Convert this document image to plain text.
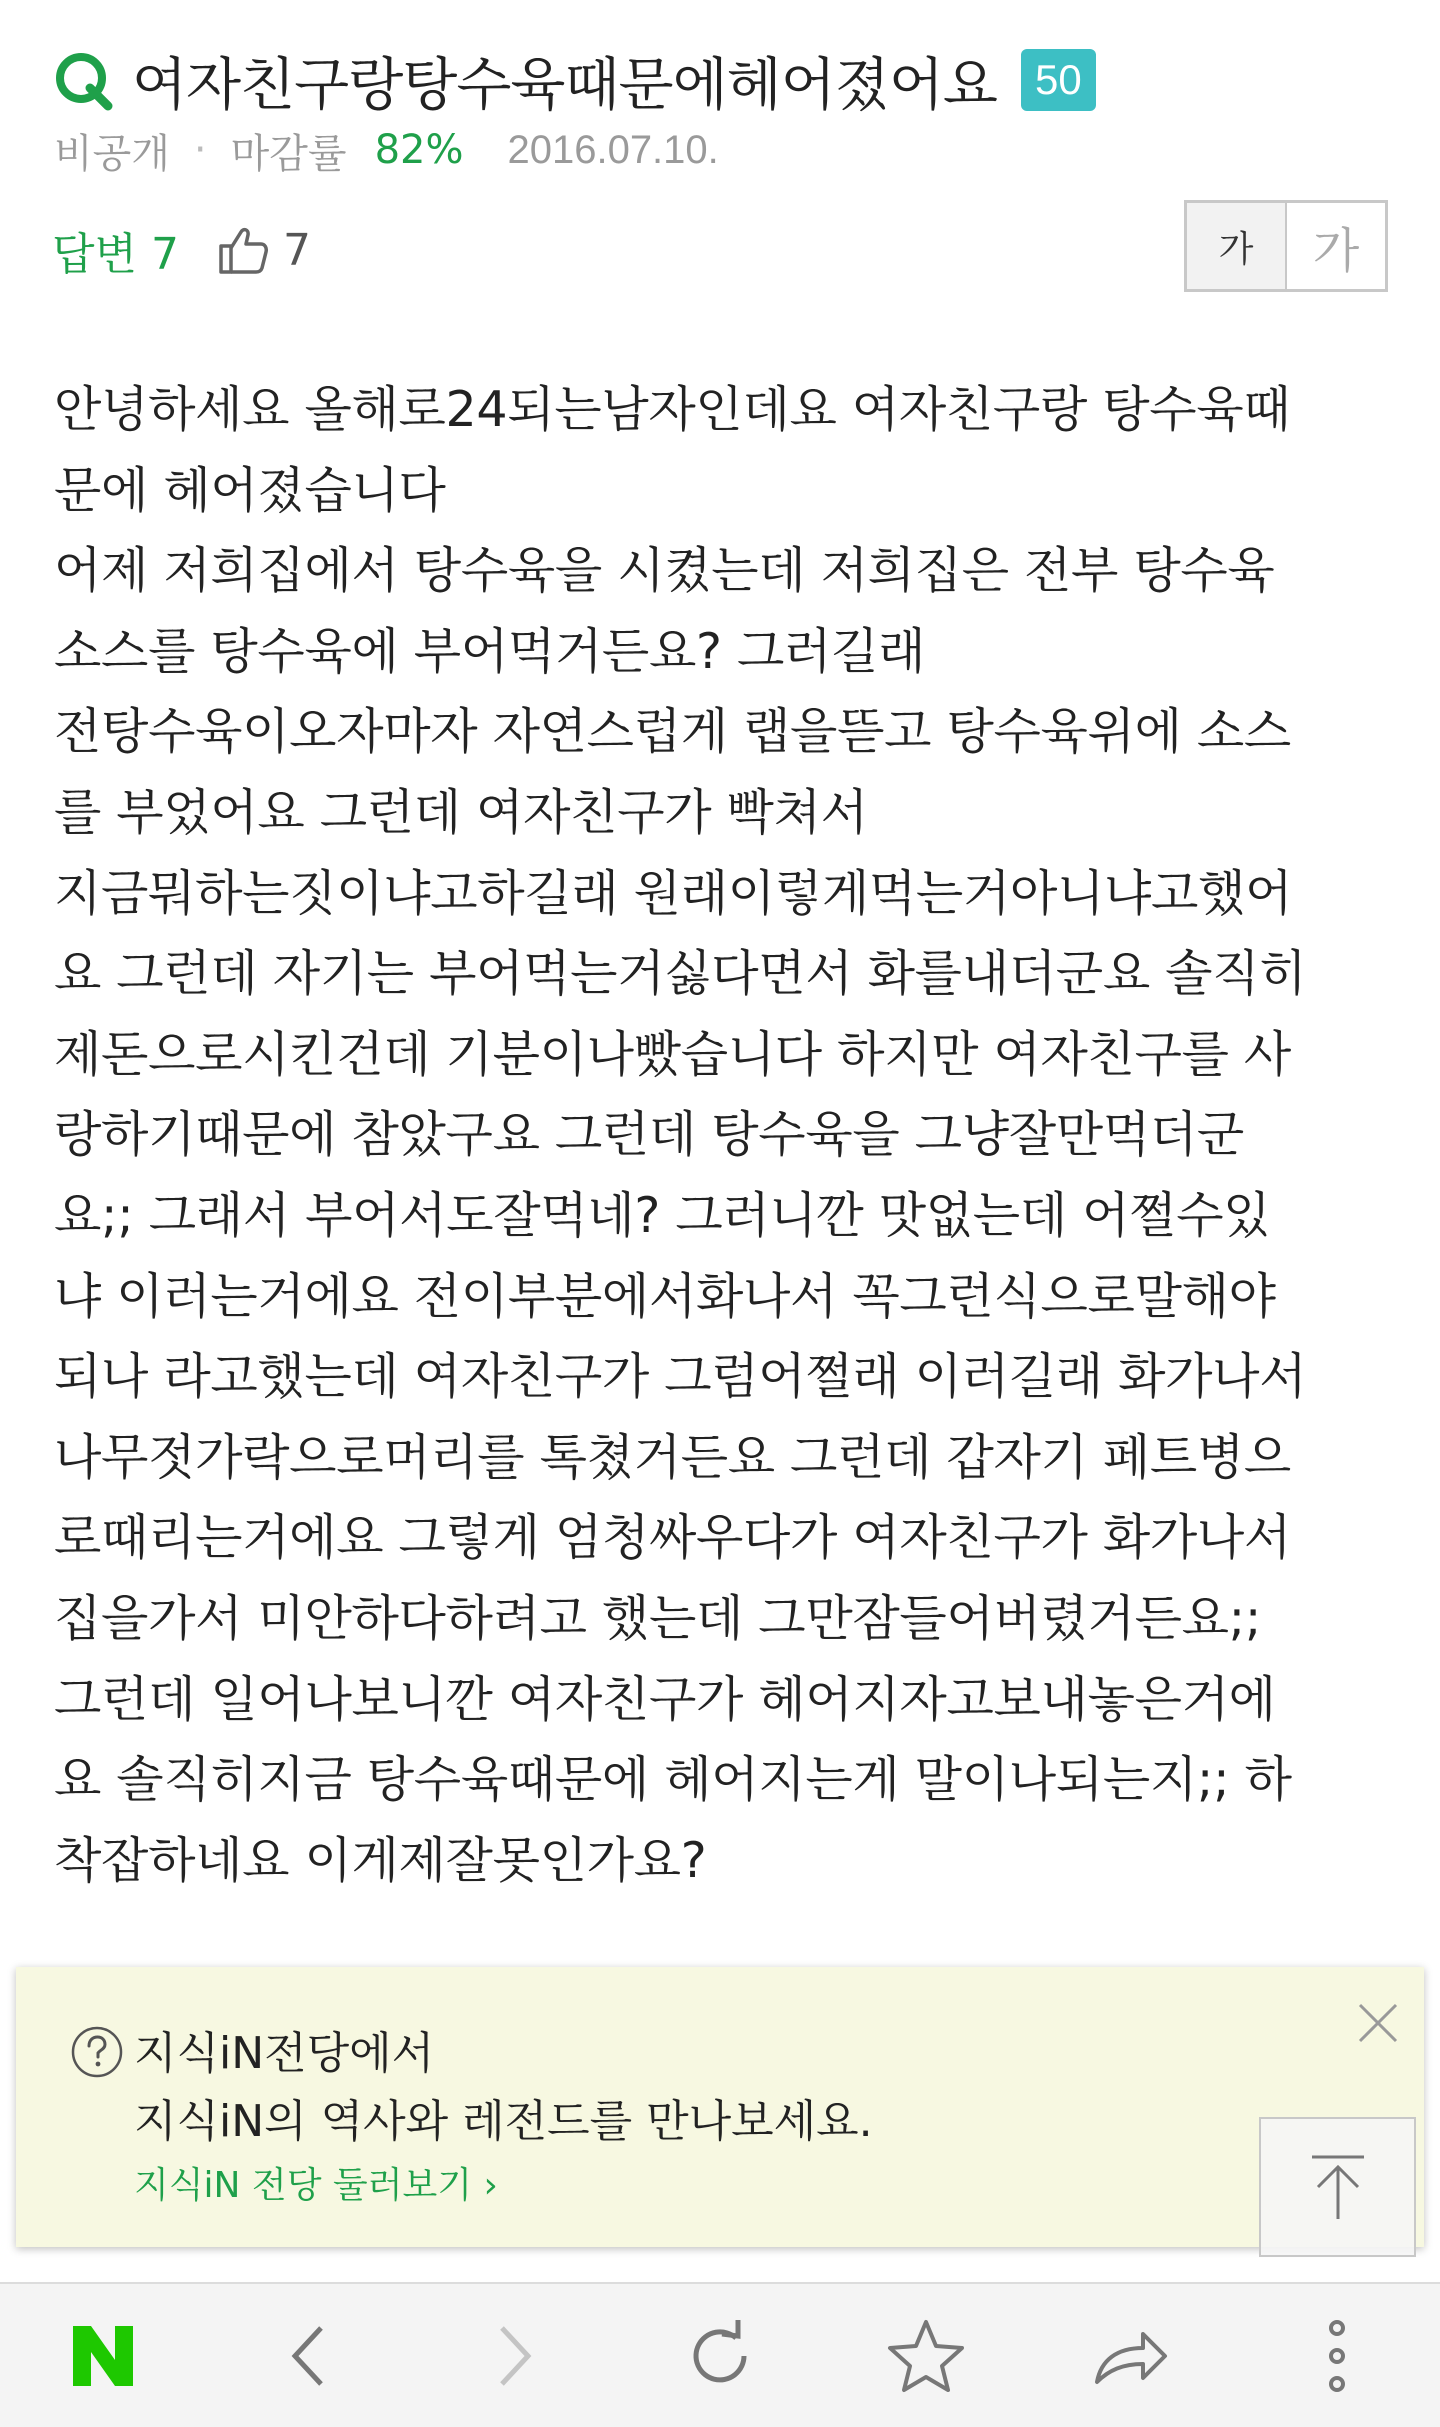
여자친구랑탕수육때문에헤어졌어요 50
비공개 · 마감률 82% 2016.07.10.
답변 7 7	가	가
안녕하세요 올해로24되는남자인데요 여자친구랑 탕수육때
문에 헤어졌습니다
어제 저희집에서 탕수육을 시켰는데 저희집은 전부 탕수육
소스를 탕수육에 부어먹거든요? 그러길래
전탕수육이오자마자 자연스럽게 랩을뜯고 탕수육위에 소스
를 부었어요 그런데 여자친구가 빡쳐서
지금뭐하는짓이냐고하길래 원래이렇게먹는거아니냐고했어
요 그런데 자기는 부어먹는거싫다면서 화를내더군요 솔직히
제돈으로시킨건데 기분이나빴습니다 하지만 여자친구를 사
랑하기때문에 참았구요 그런데 탕수육을 그냥잘만먹더군
요;; 그래서 부어서도잘먹네? 그러니깐 맛없는데 어쩔수있
냐 이러는거에요 전이부분에서화나서 꼭그런식으로말해야
되나 라고했는데 여자친구가 그럼어쩔래 이러길래 화가나서
나무젓가락으로머리를 톡쳤거든요 그런데 갑자기 페트병으
로때리는거에요 그렇게 엄청싸우다가 여자친구가 화가나서
집을가서 미안하다하려고 했는데 그만잠들어버렸거든요;;
그런데 일어나보니깐 여자친구가 헤어지자고보내놓은거에
요 솔직히지금 탕수육때문에 헤어지는게 말이나되는지;; 하
착잡하네요 이게제잘못인가요?
지식iN전당에서
지식iN의 역사와 레전드를 만나보세요.
지식iN 전당 둘러보기 ›
